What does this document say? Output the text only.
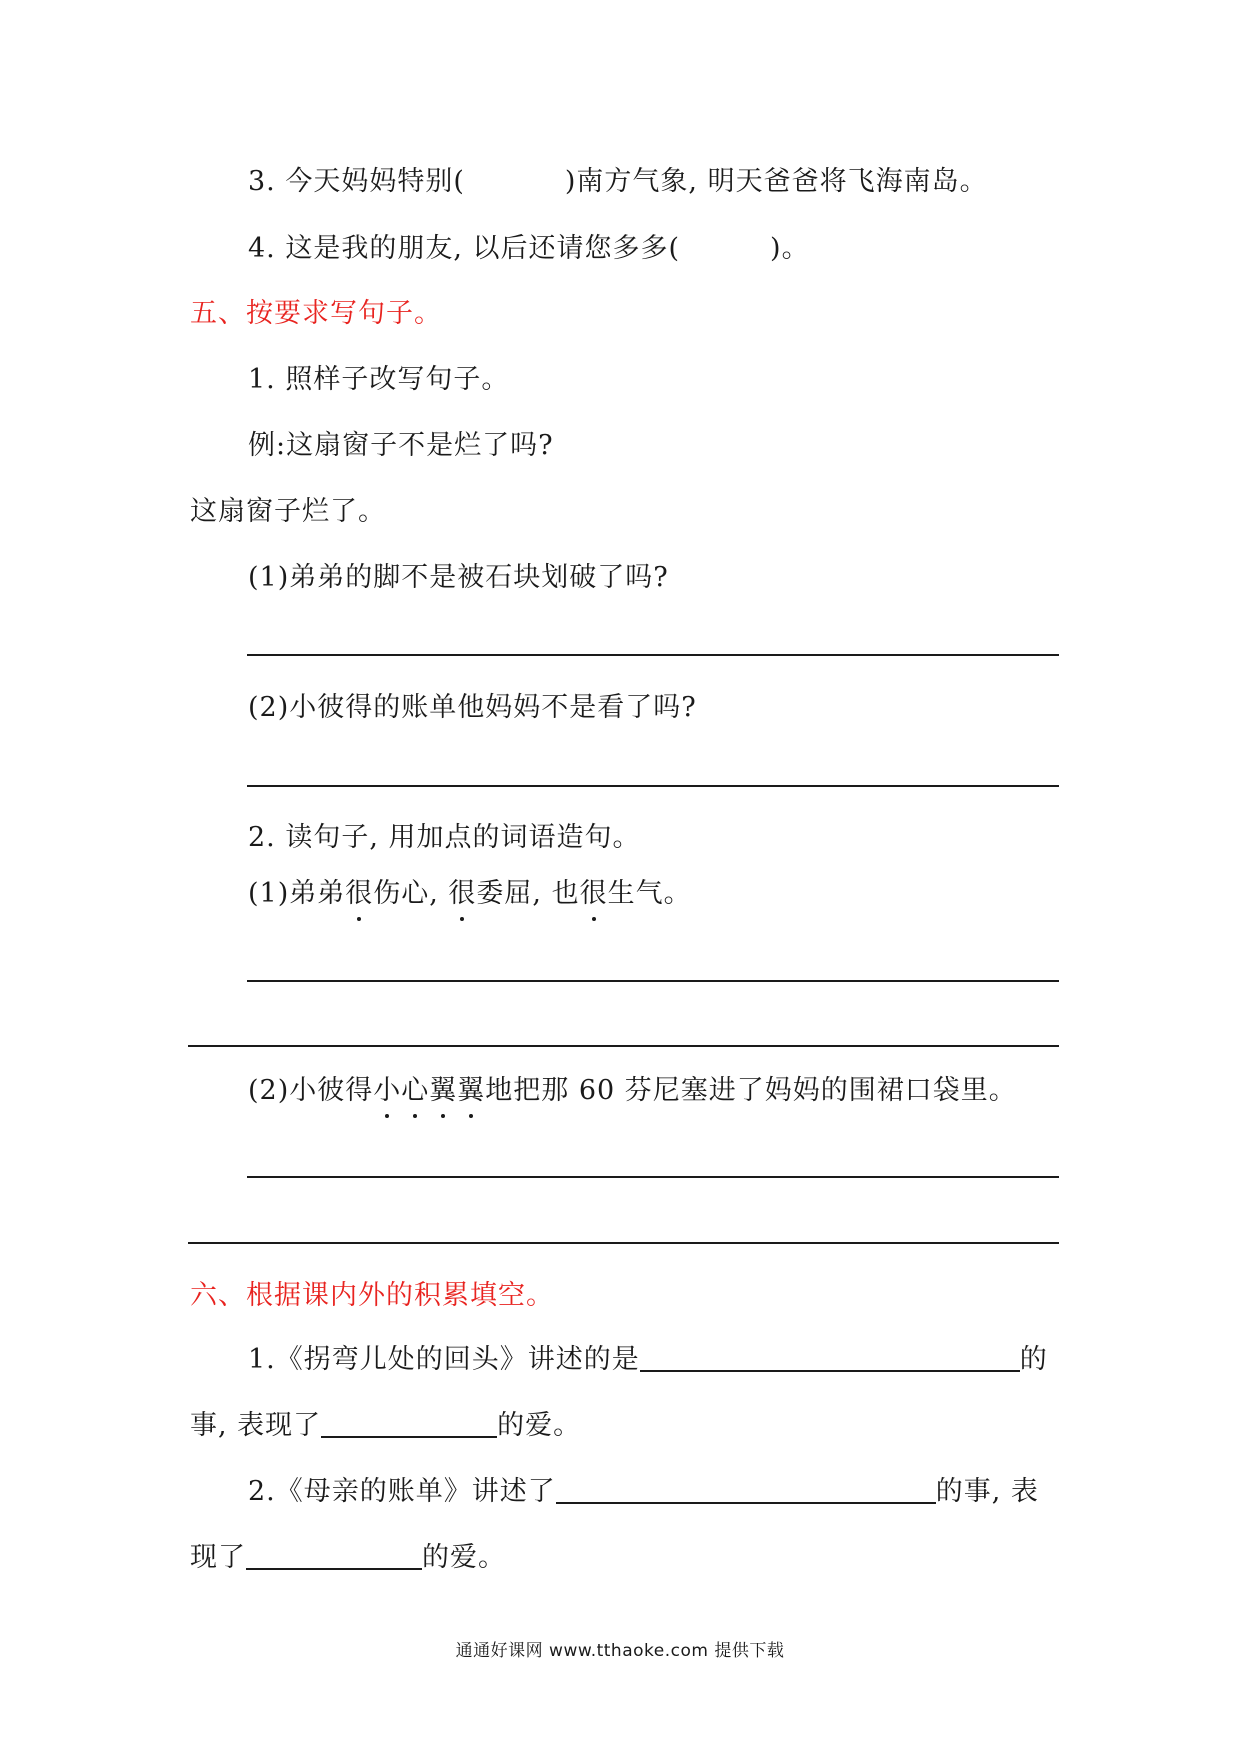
3. 今天妈妈特别(	)南方气象, 明天爸爸将飞海南岛。
4. 这是我的朋友, 以后还请您多多(	)。
五、按要求写句子。
1. 照样子改写句子。
例:这扇窗子不是烂了吗?
这扇窗子烂了。
(1)弟弟的脚不是被石块划破了吗?
(2)小彼得的账单他妈妈不是看了吗?
2. 读句子, 用加点的词语造句。
(1)弟弟很伤心, 很委屈, 也很生气。
(2)小彼得小心翼翼地把那 60 芬尼塞进了妈妈的围裙口袋里。
六、根据课内外的积累填空。
1.《拐弯儿处的回头》讲述的是	的
事, 表现了	的爱。
2.《母亲的账单》讲述了	的事, 表
现了	的爱。
通通好课网 www.tthaoke.com 提供下载
